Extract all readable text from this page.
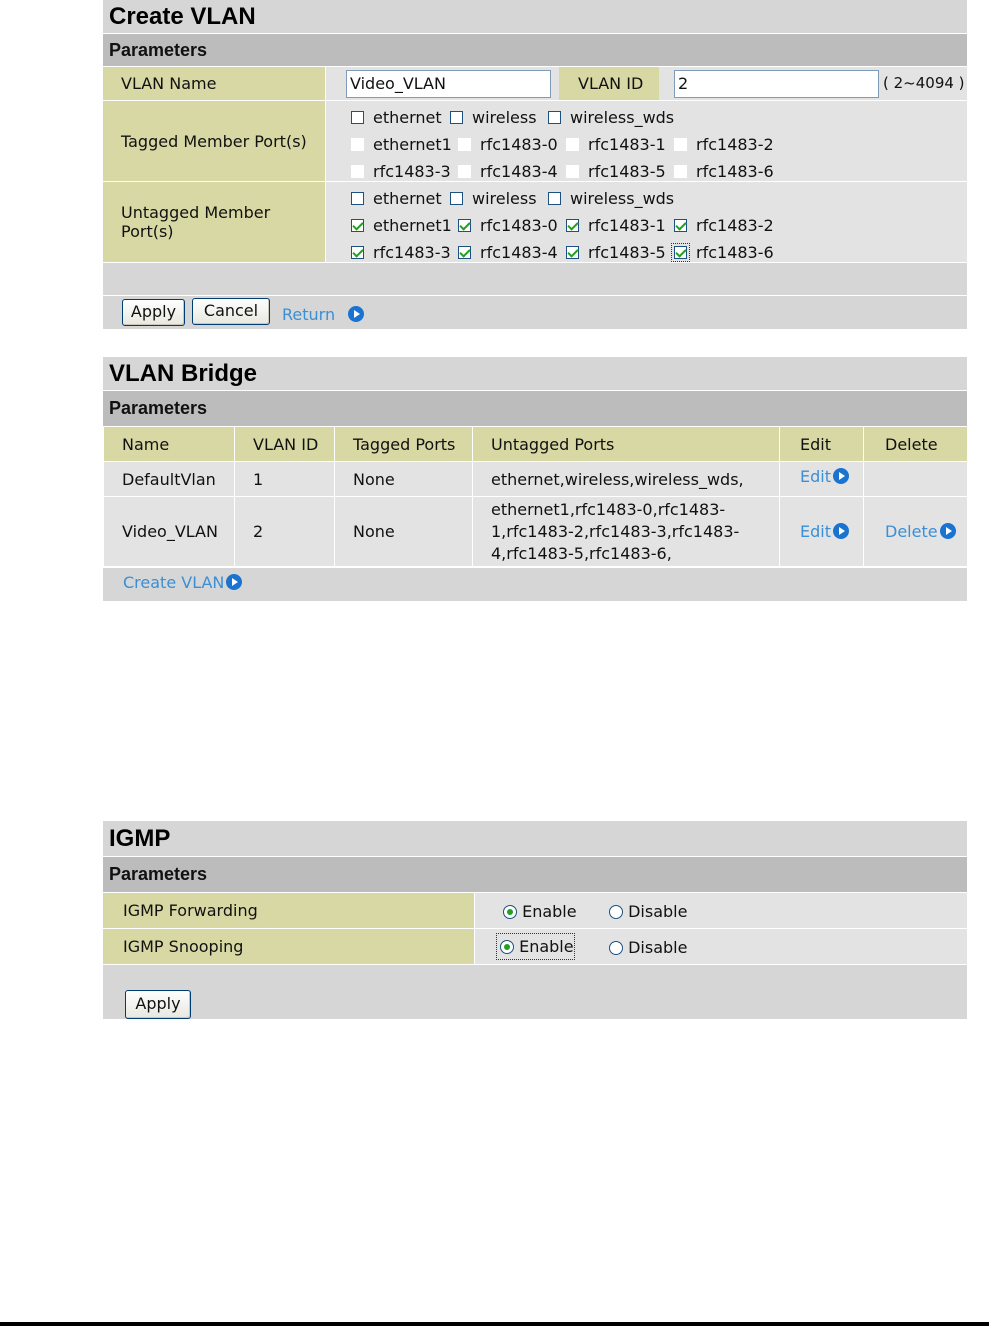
Create VLAN
Parameters
VLAN Name	Video_VLAN	VLAN ID	2	( 2~4094 )
Tagged Member Port(s)
ethernet	wireless	wireless_wds
ethernet1	rfc1483-0	rfc1483-1	rfc1483-2
rfc1483-3	rfc1483-4	rfc1483-5	rfc1483-6
Untagged Member Port(s)
ethernet	wireless	wireless_wds
ethernet1	rfc1483-0	rfc1483-1	rfc1483-2
rfc1483-3	rfc1483-4	rfc1483-5	rfc1483-6
Apply	Cancel	Return
VLAN Bridge
Parameters
Name	VLAN ID	Tagged Ports	Untagged Ports	Edit	Delete
DefaultVlan	1	None	ethernet,wireless,wireless_wds,	Edit	
Video_VLAN	2	None	ethernet1,rfc1483-0,rfc1483-
1,rfc1483-2,rfc1483-3,rfc1483-
4,rfc1483-5,rfc1483-6,	Edit	Delete
Create VLAN
IGMP
Parameters
IGMP Forwarding	Enable	Disable
IGMP Snooping	Enable	Disable
Apply
